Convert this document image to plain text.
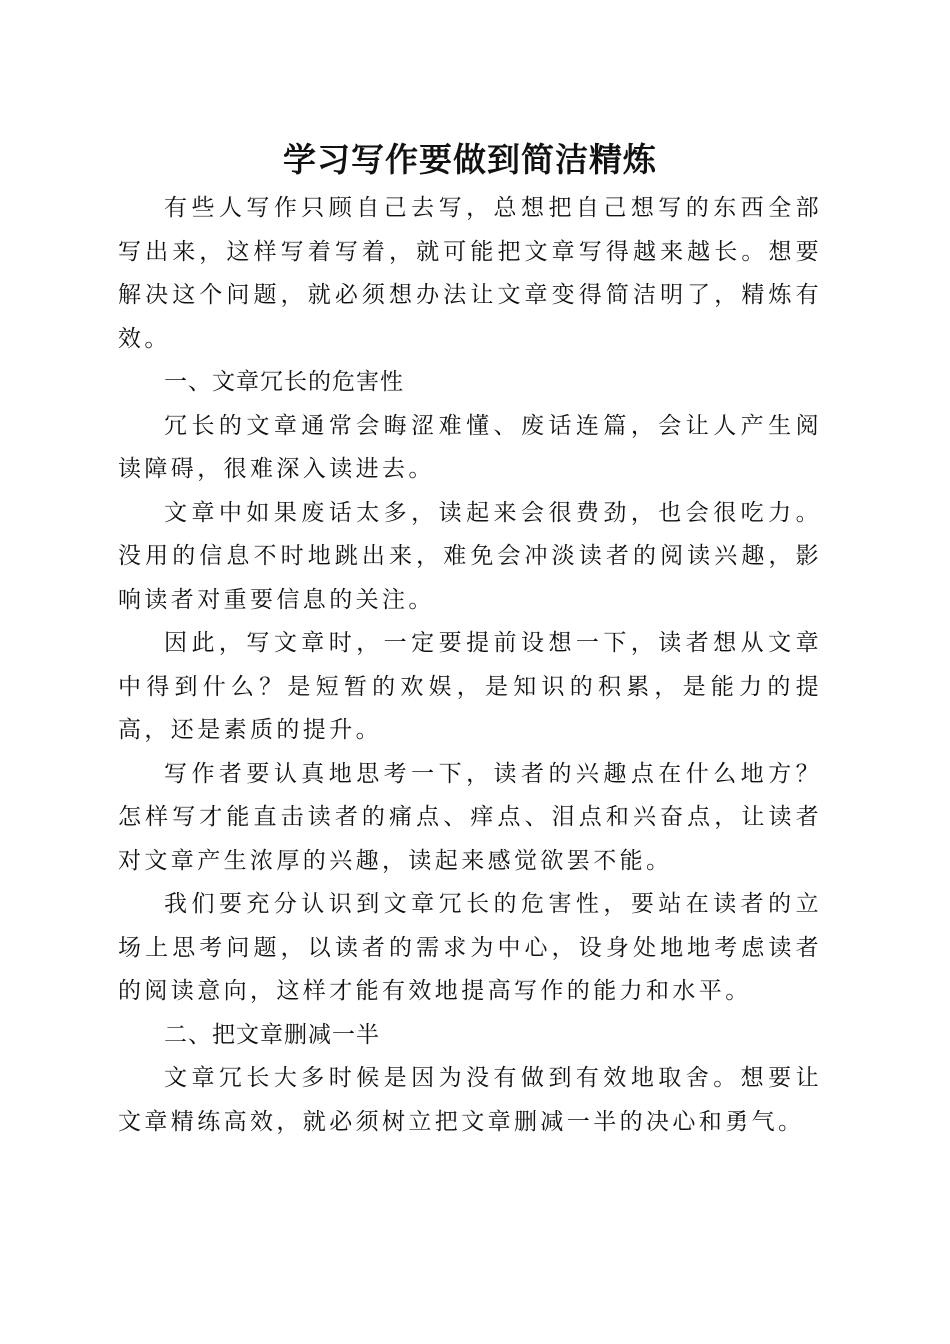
学习写作要做到简洁精炼

有些人写作只顾自己去写，总想把自己想写的东西全部写出来，这样写着写着，就可能把文章写得越来越长。想要解决这个问题，就必须想办法让文章变得简洁明了，精炼有效。

一、文章冗长的危害性

冗长的文章通常会晦涩难懂、废话连篇，会让人产生阅读障碍，很难深入读进去。

文章中如果废话太多，读起来会很费劲，也会很吃力。没用的信息不时地跳出来，难免会冲淡读者的阅读兴趣，影响读者对重要信息的关注。

因此，写文章时，一定要提前设想一下，读者想从文章中得到什么？是短暂的欢娱，是知识的积累，是能力的提高，还是素质的提升。

写作者要认真地思考一下，读者的兴趣点在什么地方？怎样写才能直击读者的痛点、痒点、泪点和兴奋点，让读者对文章产生浓厚的兴趣，读起来感觉欲罢不能。

我们要充分认识到文章冗长的危害性，要站在读者的立场上思考问题，以读者的需求为中心，设身处地地考虑读者的阅读意向，这样才能有效地提高写作的能力和水平。

二、把文章删减一半

文章冗长大多时候是因为没有做到有效地取舍。想要让文章精练高效，就必须树立把文章删减一半的决心和勇气。
